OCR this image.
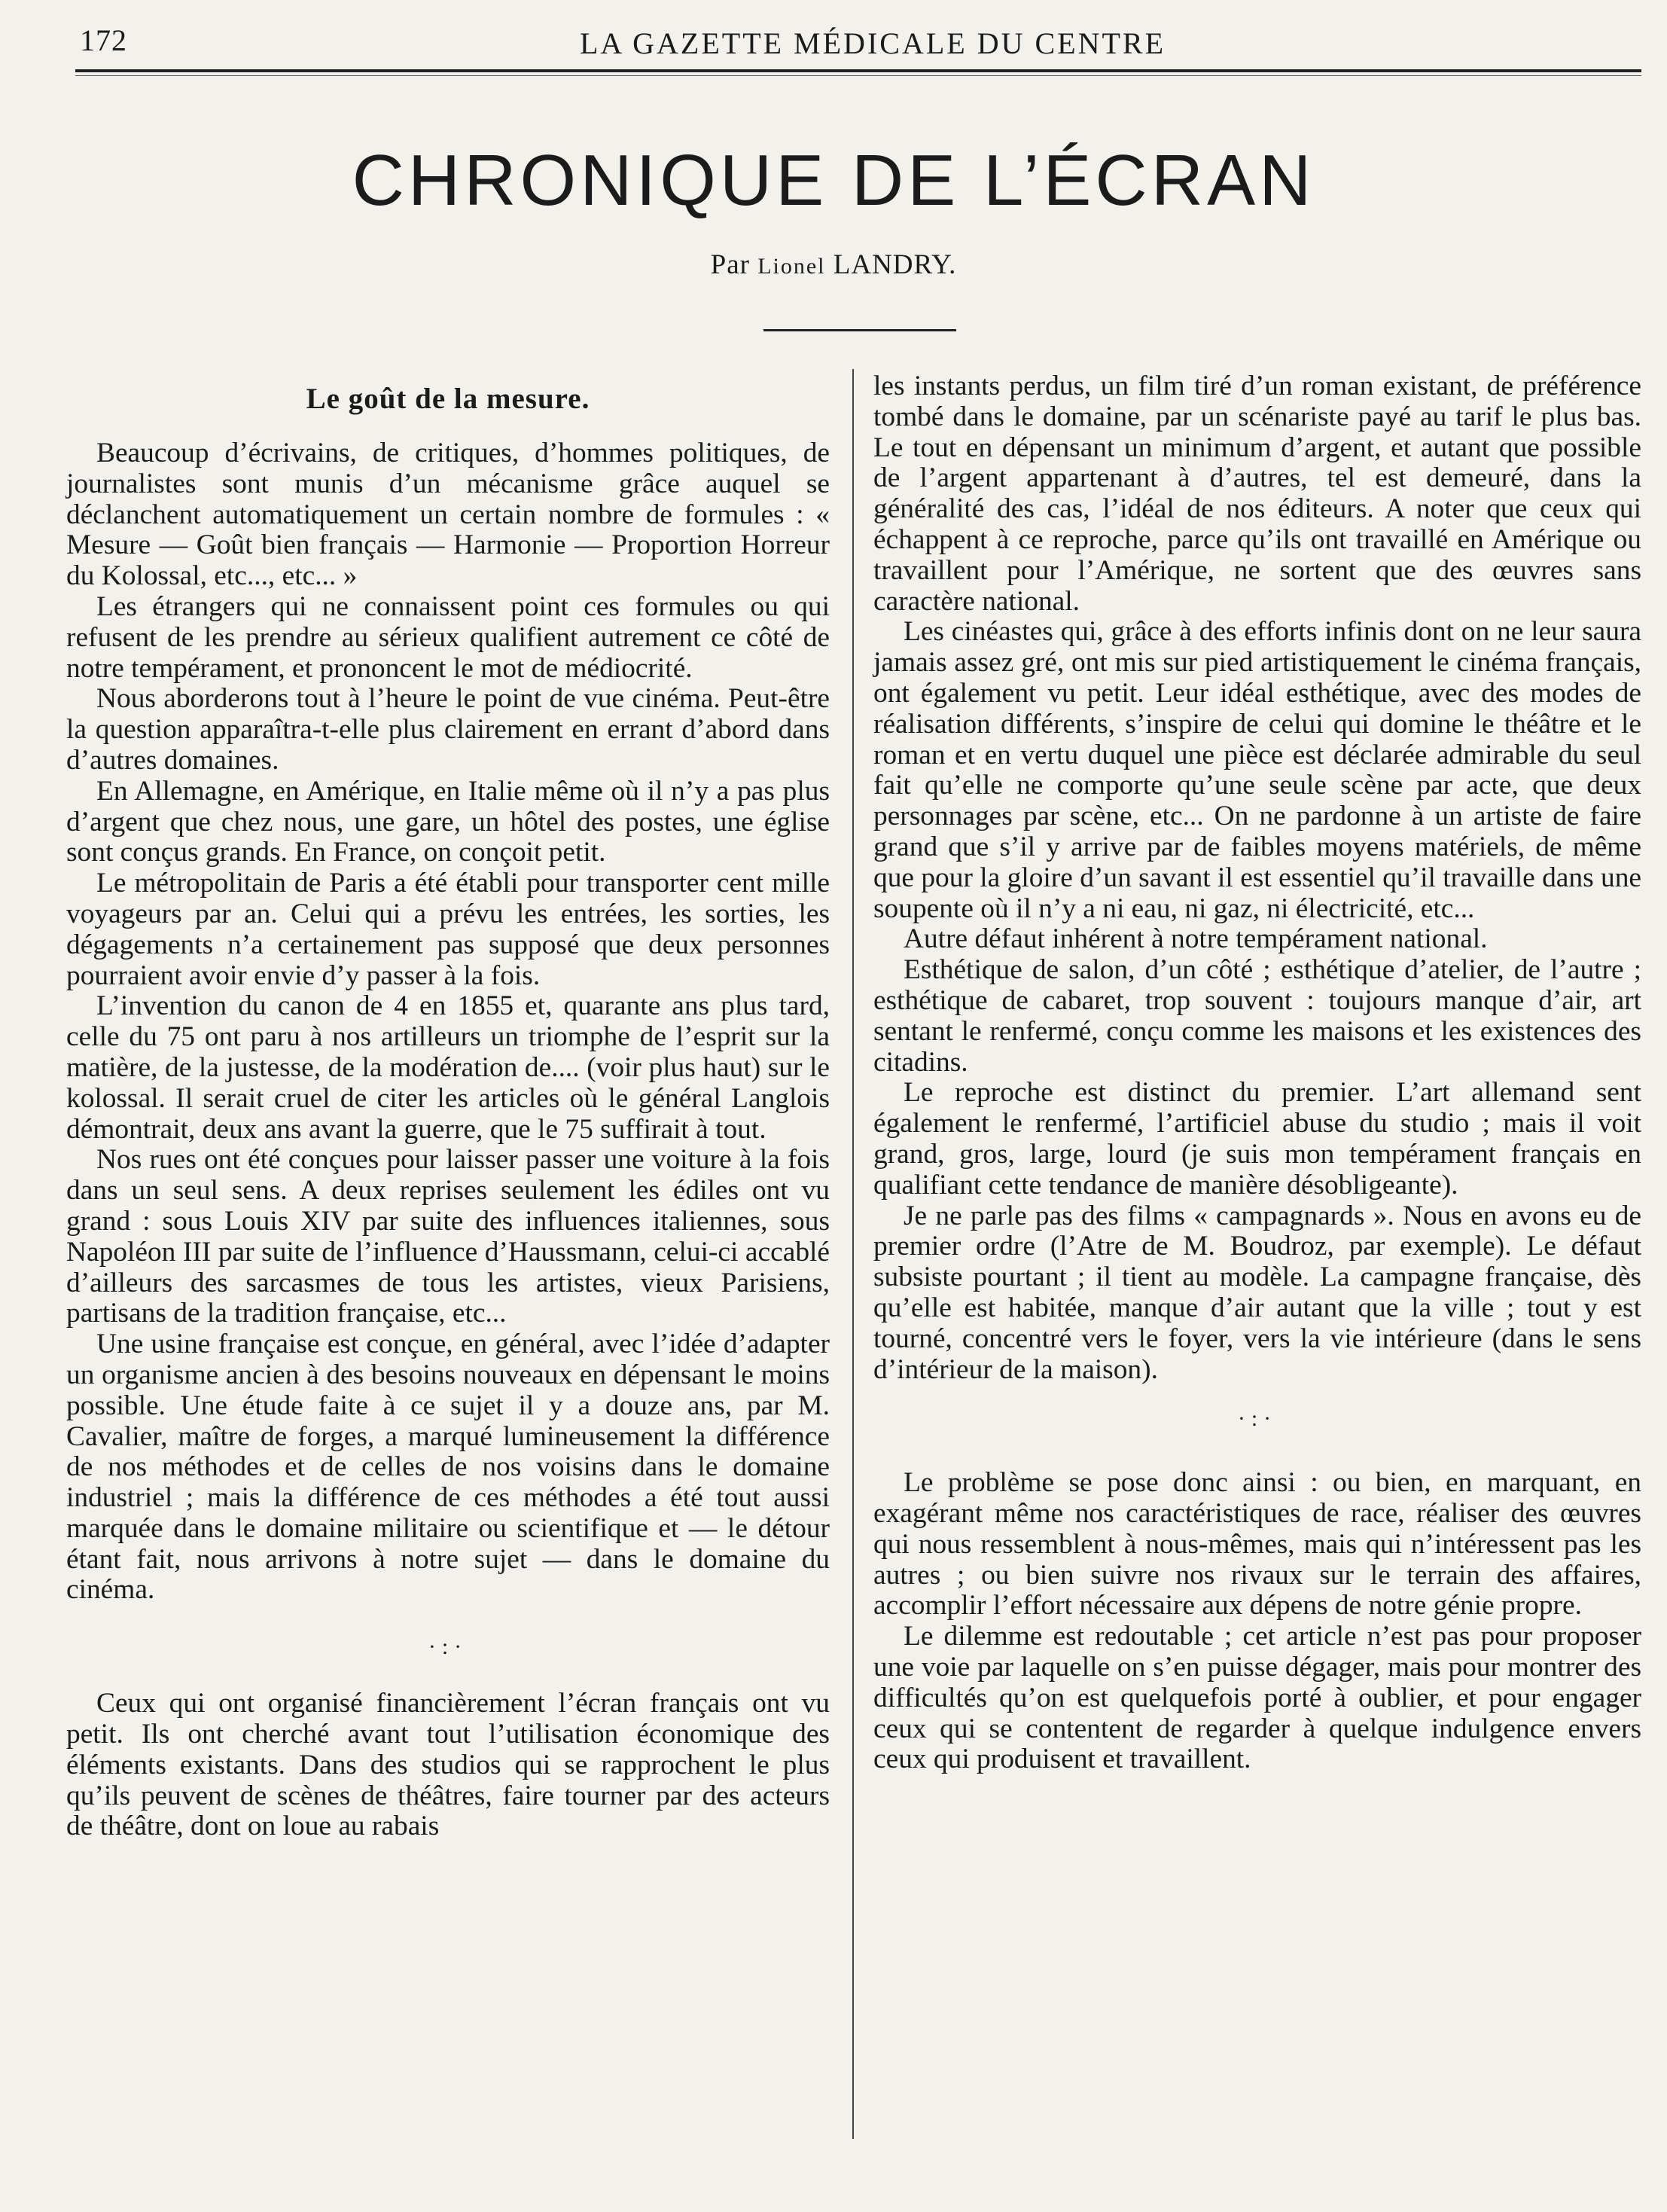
172	LA GAZETTE MÉDICALE DU CENTRE
CHRONIQUE DE L’ÉCRAN
Par Lionel LANDRY.
Le goût de la mesure.

Beaucoup d’écrivains, de critiques, d’hommes politiques, de journalistes sont munis d’un mécanisme grâce auquel se déclanchent automatiquement un certain nombre de formules : « Mesure — Goût bien français — Harmonie — Proportion Horreur du Kolossal, etc..., etc... »

Les étrangers qui ne connaissent point ces formules ou qui refusent de les prendre au sérieux qualifient autrement ce côté de notre tempérament, et prononcent le mot de médiocrité.

Nous aborderons tout à l’heure le point de vue cinéma. Peut-être la question apparaîtra-t-elle plus clairement en errant d’abord dans d’autres domaines.

En Allemagne, en Amérique, en Italie même où il n’y a pas plus d’argent que chez nous, une gare, un hôtel des postes, une église sont conçus grands. En France, on conçoit petit.

Le métropolitain de Paris a été établi pour transporter cent mille voyageurs par an. Celui qui a prévu les entrées, les sorties, les dégagements n’a certainement pas supposé que deux personnes pourraient avoir envie d’y passer à la fois.

L’invention du canon de 4 en 1855 et, quarante ans plus tard, celle du 75 ont paru à nos artilleurs un triomphe de l’esprit sur la matière, de la justesse, de la modération de.... (voir plus haut) sur le kolossal. Il serait cruel de citer les articles où le général Langlois démontrait, deux ans avant la guerre, que le 75 suffirait à tout.

Nos rues ont été conçues pour laisser passer une voiture à la fois dans un seul sens. A deux reprises seulement les édiles ont vu grand : sous Louis XIV par suite des influences italiennes, sous Napoléon III par suite de l’influence d’Haussmann, celui-ci accablé d’ailleurs des sarcasmes de tous les artistes, vieux Parisiens, partisans de la tradition française, etc...

Une usine française est conçue, en général, avec l’idée d’adapter un organisme ancien à des besoins nouveaux en dépensant le moins possible. Une étude faite à ce sujet il y a douze ans, par M. Cavalier, maître de forges, a marqué lumineusement la différence de nos méthodes et de celles de nos voisins dans le domaine industriel ; mais la différence de ces méthodes a été tout aussi marquée dans le domaine militaire ou scientifique et — le détour étant fait, nous arrivons à notre sujet — dans le domaine du cinéma.

·:·

Ceux qui ont organisé financièrement l’écran français ont vu petit. Ils ont cherché avant tout l’utilisation économique des éléments existants. Dans des studios qui se rapprochent le plus qu’ils peuvent de scènes de théâtres, faire tourner par des acteurs de théâtre, dont on loue au rabais

les instants perdus, un film tiré d’un roman existant, de préférence tombé dans le domaine, par un scénariste payé au tarif le plus bas. Le tout en dépensant un minimum d’argent, et autant que possible de l’argent appartenant à d’autres, tel est demeuré, dans la généralité des cas, l’idéal de nos éditeurs. A noter que ceux qui échappent à ce reproche, parce qu’ils ont travaillé en Amérique ou travaillent pour l’Amérique, ne sortent que des œuvres sans caractère national.

Les cinéastes qui, grâce à des efforts infinis dont on ne leur saura jamais assez gré, ont mis sur pied artistiquement le cinéma français, ont également vu petit. Leur idéal esthétique, avec des modes de réalisation différents, s’inspire de celui qui domine le théâtre et le roman et en vertu duquel une pièce est déclarée admirable du seul fait qu’elle ne comporte qu’une seule scène par acte, que deux personnages par scène, etc... On ne pardonne à un artiste de faire grand que s’il y arrive par de faibles moyens matériels, de même que pour la gloire d’un savant il est essentiel qu’il travaille dans une soupente où il n’y a ni eau, ni gaz, ni électricité, etc...

Autre défaut inhérent à notre tempérament national.

Esthétique de salon, d’un côté ; esthétique d’atelier, de l’autre ; esthétique de cabaret, trop souvent : toujours manque d’air, art sentant le renfermé, conçu comme les maisons et les existences des citadins.

Le reproche est distinct du premier. L’art allemand sent également le renfermé, l’artificiel abuse du studio ; mais il voit grand, gros, large, lourd (je suis mon tempérament français en qualifiant cette tendance de manière désobligeante).

Je ne parle pas des films « campagnards ». Nous en avons eu de premier ordre (l’Atre de M. Boudroz, par exemple). Le défaut subsiste pourtant ; il tient au modèle. La campagne française, dès qu’elle est habitée, manque d’air autant que la ville ; tout y est tourné, concentré vers le foyer, vers la vie intérieure (dans le sens d’intérieur de la maison).

·:·

Le problème se pose donc ainsi : ou bien, en marquant, en exagérant même nos caractéristiques de race, réaliser des œuvres qui nous ressemblent à nous-mêmes, mais qui n’intéressent pas les autres ; ou bien suivre nos rivaux sur le terrain des affaires, accomplir l’effort nécessaire aux dépens de notre génie propre.

Le dilemme est redoutable ; cet article n’est pas pour proposer une voie par laquelle on s’en puisse dégager, mais pour montrer des difficultés qu’on est quelquefois porté à oublier, et pour engager ceux qui se contentent de regarder à quelque indulgence envers ceux qui produisent et travaillent.
